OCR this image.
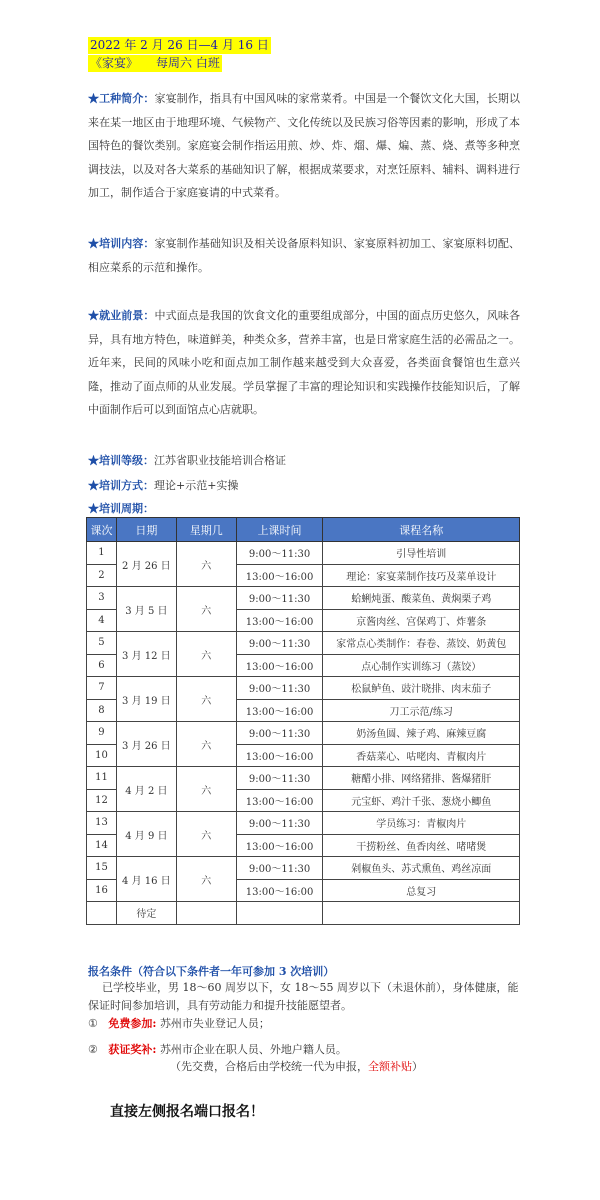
2022 年 2 月 26 日—4 月 16 日
《家宴》　　每周六 白班
★工种简介：家宴制作，指具有中国风味的家常菜肴。中国是一个餐饮文化大国，长期以来在某一地区由于地理环境、气候物产、文化传统以及民族习俗等因素的影响，形成了本国特色的餐饮类别。家庭宴会制作指运用煎、炒、炸、熘、爆、煸、蒸、烧、煮等多种烹调技法，以及对各大菜系的基础知识了解，根据成菜要求，对烹饪原料、辅料、调料进行加工，制作适合于家庭宴请的中式菜肴。
★培训内容：家宴制作基础知识及相关设备原料知识、家宴原料初加工、家宴原料切配、相应菜系的示范和操作。
★就业前景：中式面点是我国的饮食文化的重要组成部分，中国的面点历史悠久，风味各异，具有地方特色，味道鲜美，种类众多，营养丰富，也是日常家庭生活的必需品之一。近年来，民间的风味小吃和面点加工制作越来越受到大众喜爱，各类面食餐馆也生意兴隆，推动了面点师的从业发展。学员掌握了丰富的理论知识和实践操作技能知识后，了解中面制作后可以到面馆点心店就职。
★培训等级：江苏省职业技能培训合格证
★培训方式：理论+示范+实操
★培训周期：
课次	日期	星期几	上课时间	课程名称
1	2 月 26 日	六	9:00～11:30	引导性培训
2			13:00～16:00	理论：家宴菜制作技巧及菜单设计
3	3 月 5 日	六	9:00～11:30	蛤蜊炖蛋、酸菜鱼、黄焖栗子鸡
4			13:00～16:00	京酱肉丝、宫保鸡丁、炸薯条
5	3 月 12 日	六	9:00～11:30	家常点心类制作：春卷、蒸饺、奶黄包
6			13:00～16:00	点心制作实训练习（蒸饺）
7	3 月 19 日	六	9:00～11:30	松鼠鲈鱼、豉汁晓排、肉末茄子
8			13:00～16:00	刀工示范/练习
9	3 月 26 日	六	9:00～11:30	奶汤鱼圆、辣子鸡、麻辣豆腐
10			13:00～16:00	香菇菜心、咕咾肉、青椒肉片
11	4 月 2 日	六	9:00～11:30	糖醋小排、网络猪排、酱爆猪肝
12			13:00～16:00	元宝虾、鸡汁千张、葱烧小鲫鱼
13	4 月 9 日	六	9:00～11:30	学员练习：青椒肉片
14			13:00～16:00	干捞粉丝、鱼香肉丝、啫啫煲
15	4 月 16 日	六	9:00～11:30	剁椒鱼头、苏式熏鱼、鸡丝凉面
16			13:00～16:00	总复习
	待定			
报名条件（符合以下条件者一年可参加 3 次培训）
已学校毕业，男 18～60 周岁以下，女 18～55 周岁以下（未退休前），身体健康，能保证时间参加培训，具有劳动能力和提升技能愿望者。
① 免费参加: 苏州市失业登记人员；
② 获证奖补: 苏州市企业在职人员、外地户籍人员。
（先交费，合格后由学校统一代为申报，全额补贴）
直接左侧报名端口报名！
